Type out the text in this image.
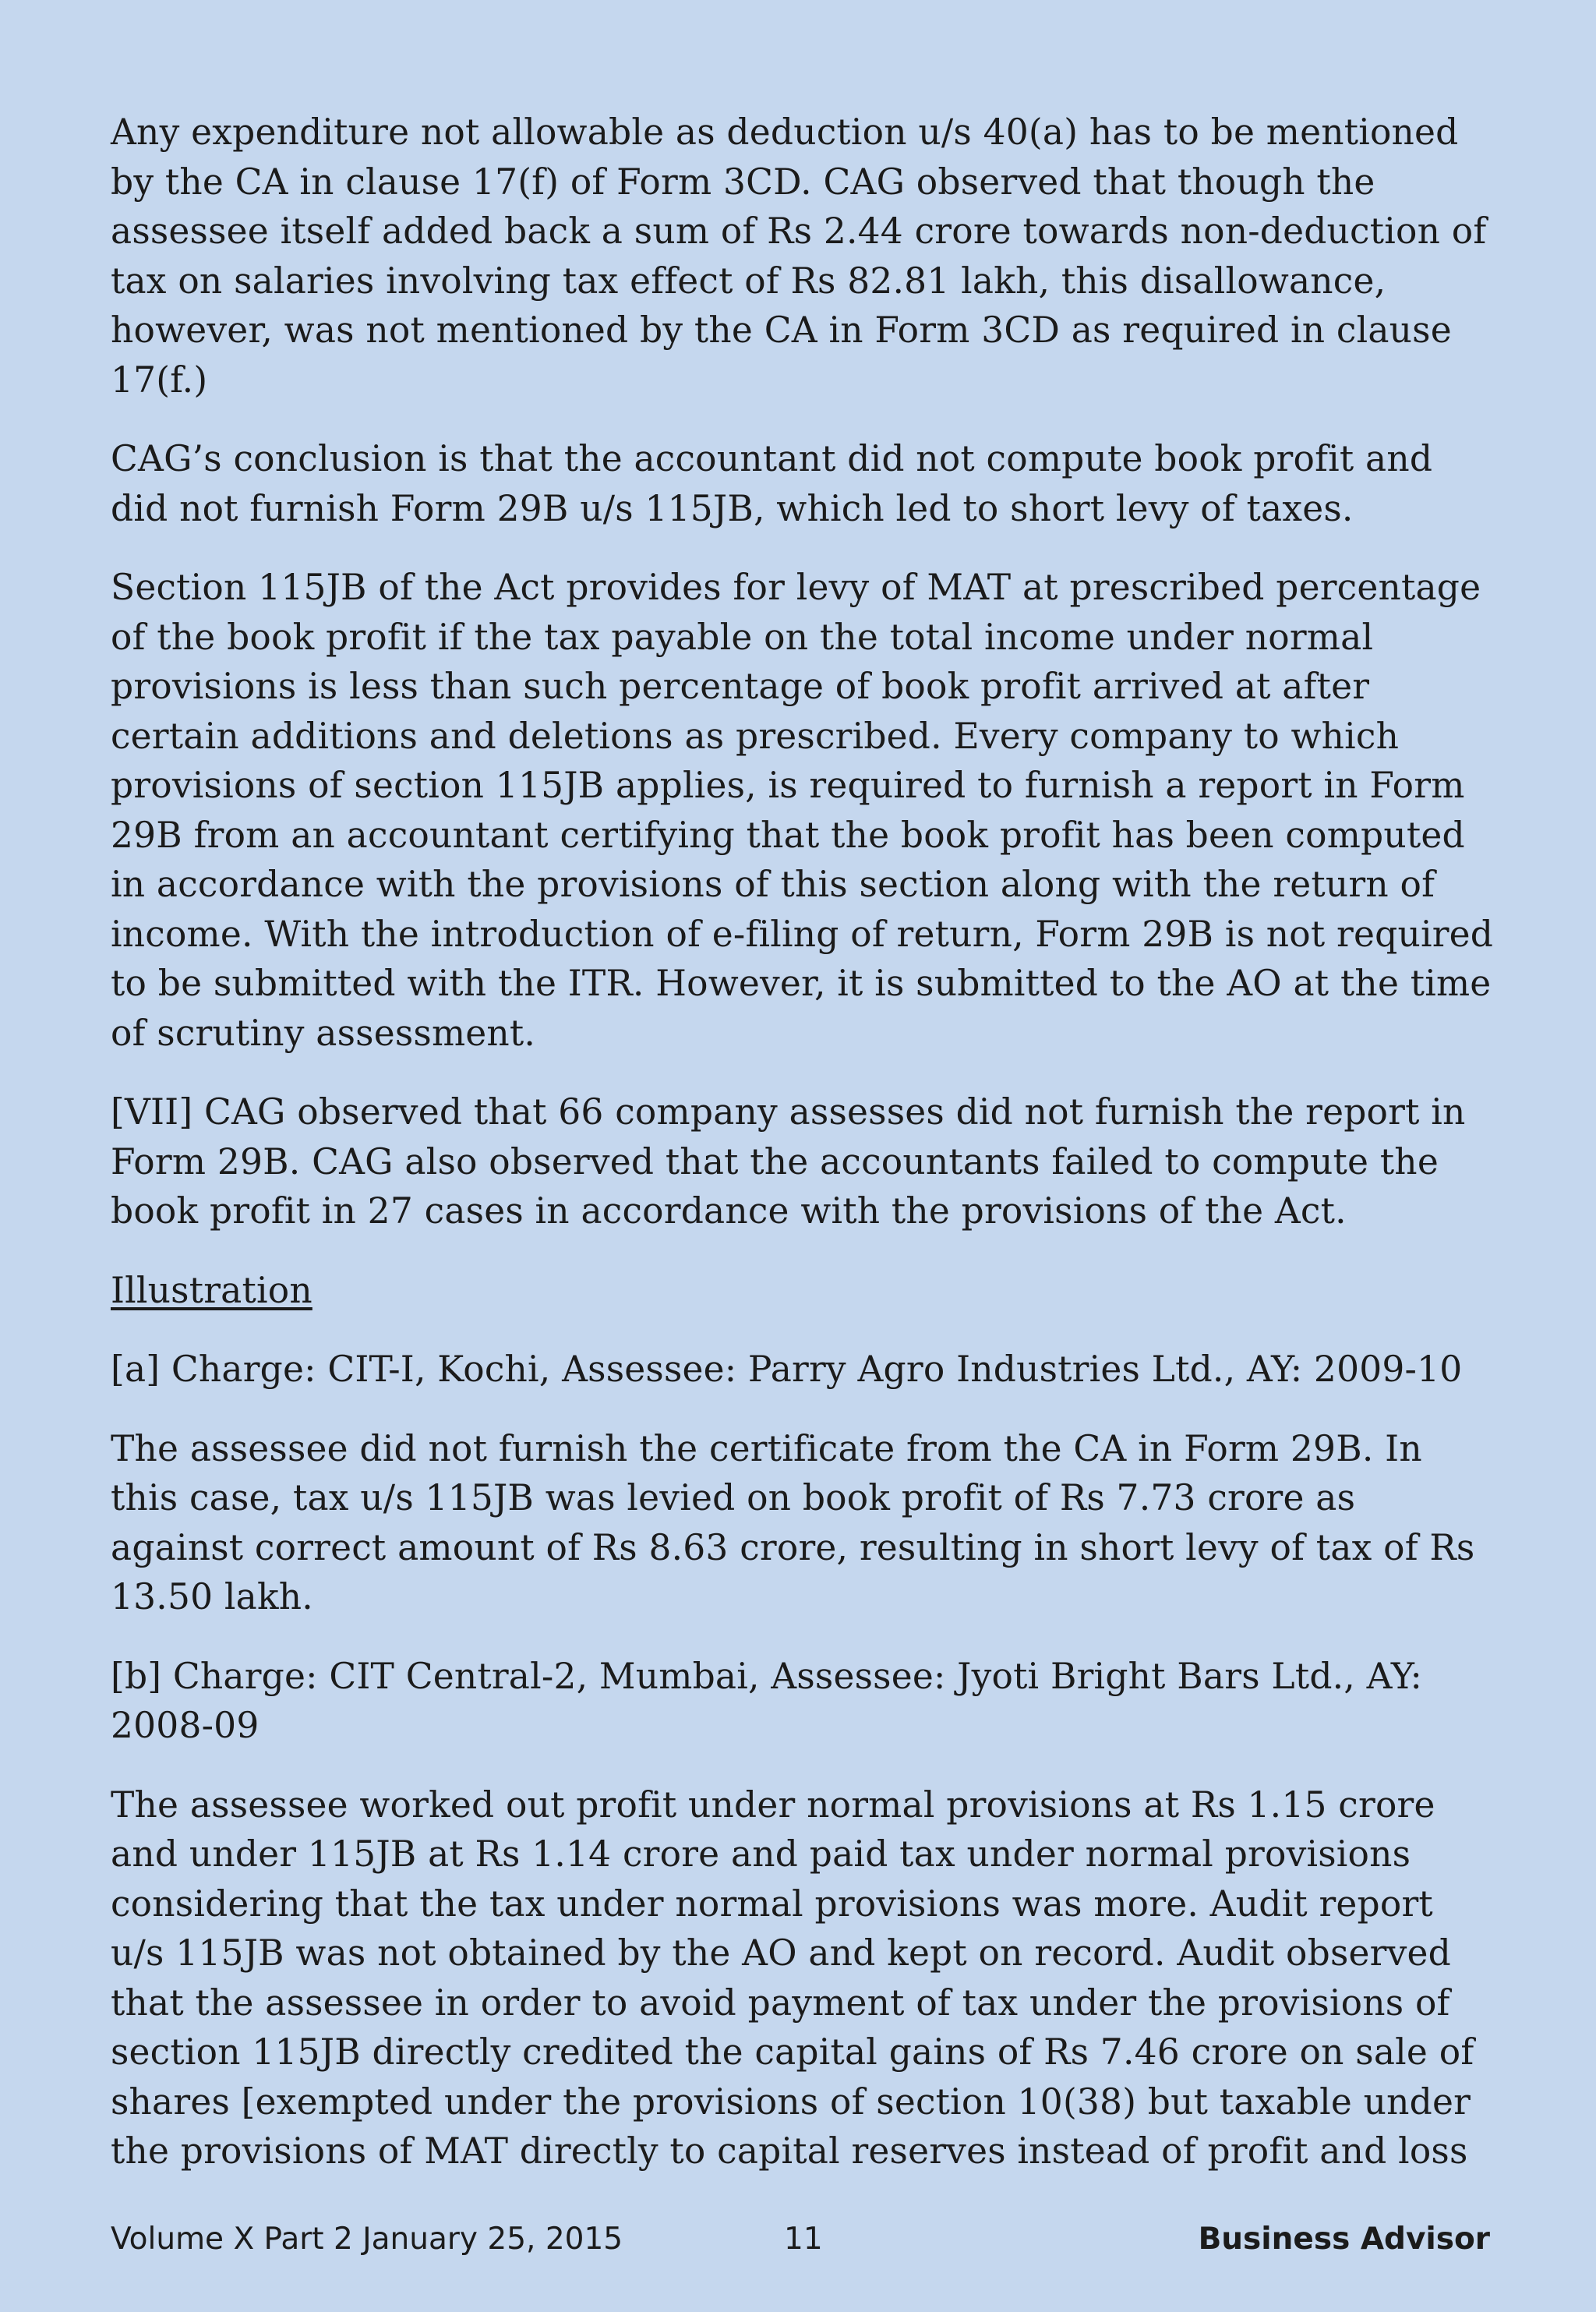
Any expenditure not allowable as deduction u/s 40(a) has to be mentioned by the CA in clause 17(f) of Form 3CD. CAG observed that though the assessee itself added back a sum of Rs 2.44 crore towards non-deduction of tax on salaries involving tax effect of Rs 82.81 lakh, this disallowance, however, was not mentioned by the CA in Form 3CD as required in clause 17(f.)

CAG’s conclusion is that the accountant did not compute book profit and did not furnish Form 29B u/s 115JB, which led to short levy of taxes.

Section 115JB of the Act provides for levy of MAT at prescribed percentage of the book profit if the tax payable on the total income under normal provisions is less than such percentage of book profit arrived at after certain additions and deletions as prescribed. Every company to which provisions of section 115JB applies, is required to furnish a report in Form 29B from an accountant certifying that the book profit has been computed in accordance with the provisions of this section along with the return of income. With the introduction of e-filing of return, Form 29B is not required to be submitted with the ITR. However, it is submitted to the AO at the time of scrutiny assessment.

[VII] CAG observed that 66 company assesses did not furnish the report in Form 29B. CAG also observed that the accountants failed to compute the book profit in 27 cases in accordance with the provisions of the Act.

Illustration

[a] Charge: CIT-I, Kochi, Assessee: Parry Agro Industries Ltd., AY: 2009-10

The assessee did not furnish the certificate from the CA in Form 29B. In this case, tax u/s 115JB was levied on book profit of Rs 7.73 crore as against correct amount of Rs 8.63 crore, resulting in short levy of tax of Rs 13.50 lakh.

[b] Charge: CIT Central-2, Mumbai, Assessee: Jyoti Bright Bars Ltd., AY: 2008-09

The assessee worked out profit under normal provisions at Rs 1.15 crore and under 115JB at Rs 1.14 crore and paid tax under normal provisions considering that the tax under normal provisions was more. Audit report u/s 115JB was not obtained by the AO and kept on record. Audit observed that the assessee in order to avoid payment of tax under the provisions of section 115JB directly credited the capital gains of Rs 7.46 crore on sale of shares [exempted under the provisions of section 10(38) but taxable under the provisions of MAT directly to capital reserves instead of profit and loss

Volume X Part 2 January 25, 2015	11	Business Advisor
